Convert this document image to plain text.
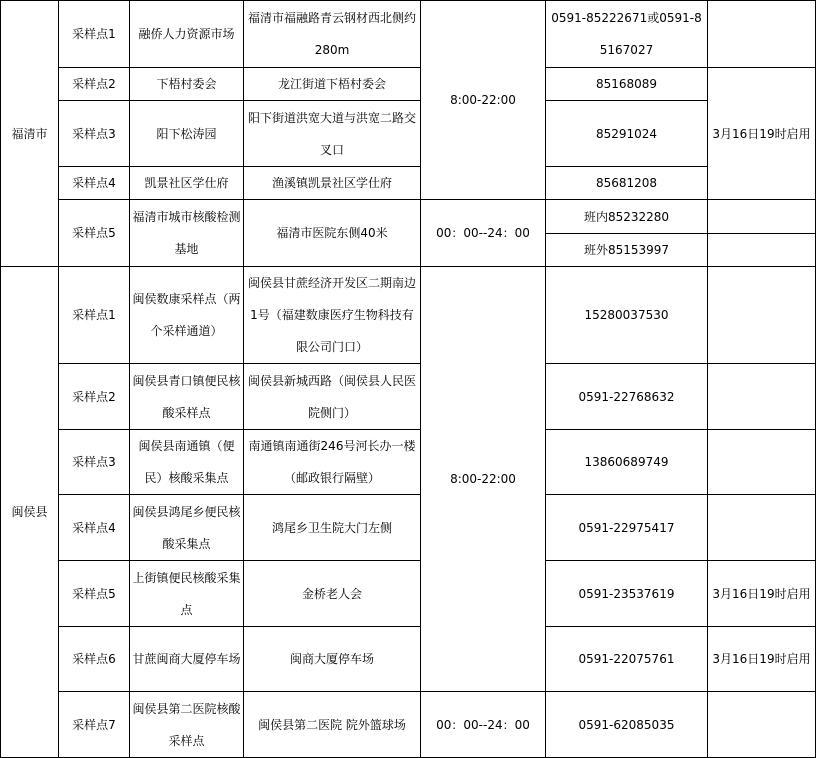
福清市	采样点1	融侨人力资源市场	福清市福融路青云钢材西北侧约280m	8:00-22:00	0591-85222671或0591-85167027	
	采样点2	下梧村委会	龙江街道下梧村委会		85168089	3月16日19时启用
	采样点3	阳下松涛园	阳下街道洪宽大道与洪宽二路交叉口		85291024	
	采样点4	凯景社区学仕府	渔溪镇凯景社区学仕府		85681208	
	采样点5	福清市城市核酸检测基地	福清市医院东侧40米	00：00--24：00	班内85232280	
					班外85153997	
闽侯县	采样点1	闽侯数康采样点（两个采样通道）	闽侯县甘蔗经济开发区二期南边1号（福建数康医疗生物科技有限公司门口）	8:00-22:00	15280037530	
	采样点2	闽侯县青口镇便民核酸采样点	闽侯县新城西路（闽侯县人民医院侧门）		0591-22768632	
	采样点3	闽侯县南通镇（便民）核酸采集点	南通镇南通街246号河长办一楼（邮政银行隔壁）		13860689749	
	采样点4	闽侯县鸿尾乡便民核酸采集点	鸿尾乡卫生院大门左侧		0591-22975417	
	采样点5	上街镇便民核酸采集点	金桥老人会		0591-23537619	3月16日19时启用
	采样点6	甘蔗闽商大厦停车场	闽商大厦停车场		0591-22075761	3月16日19时启用
	采样点7	闽侯县第二医院核酸采样点	闽侯县第二医院 院外篮球场	00：00--24：00	0591-62085035	
